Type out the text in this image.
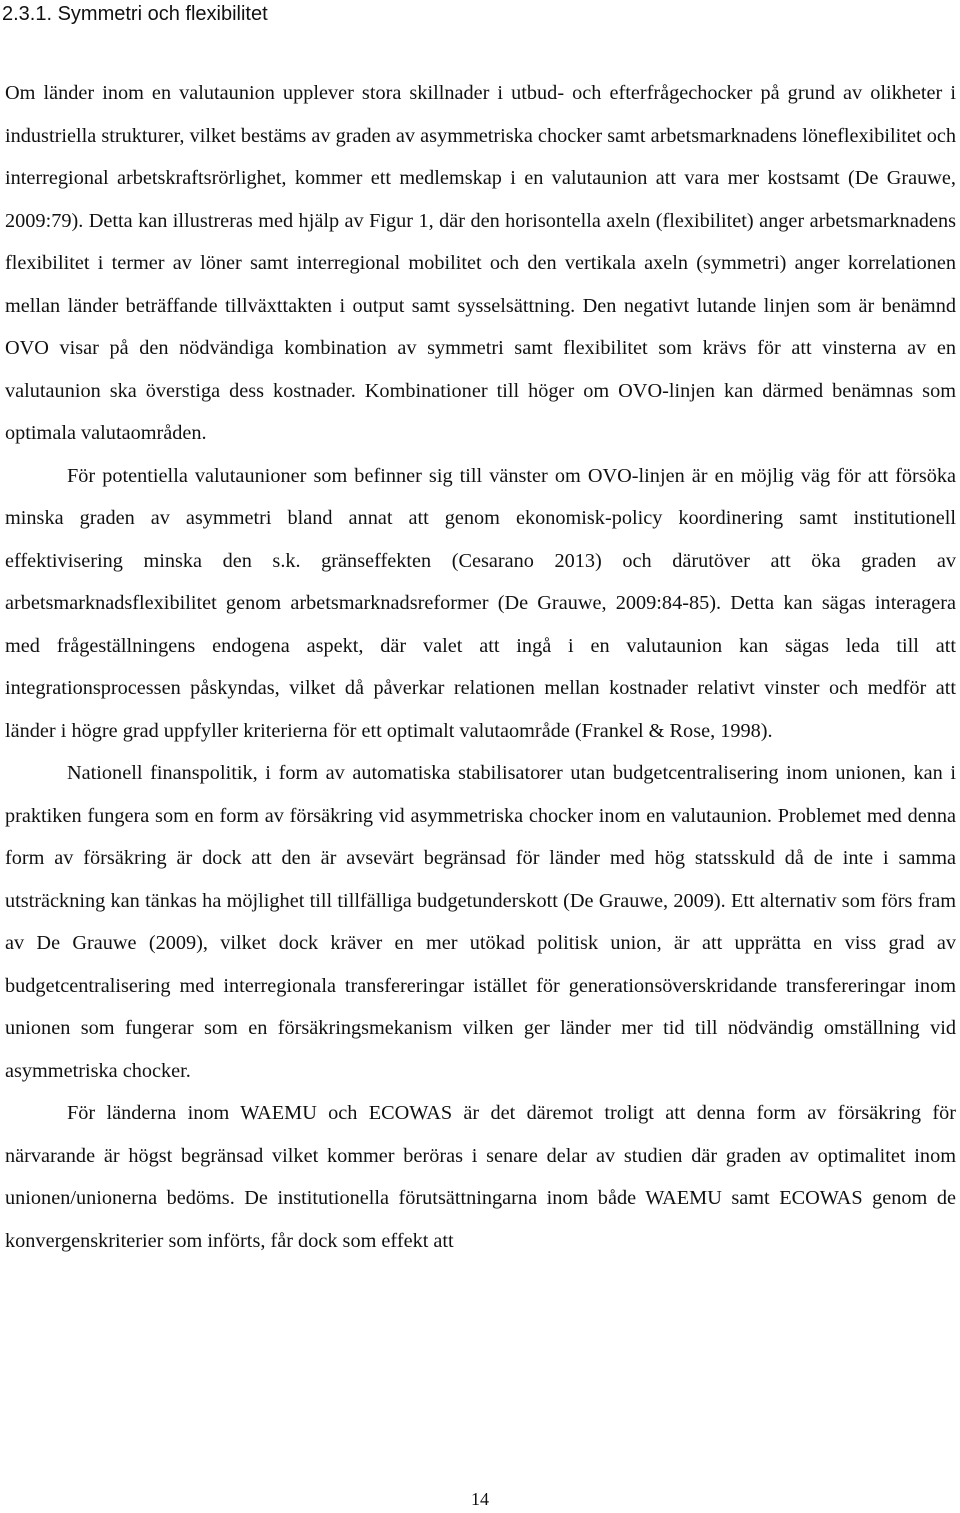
2.3.1. Symmetri och flexibilitet

Om länder inom en valutaunion upplever stora skillnader i utbud- och efterfrågechocker på grund av olikheter i industriella strukturer, vilket bestäms av graden av asymmetriska chocker samt arbetsmarknadens löneflexibilitet och interregional arbetskraftsrörlighet, kommer ett medlemskap i en valutaunion att vara mer kostsamt (De Grauwe, 2009:79). Detta kan illustreras med hjälp av Figur 1, där den horisontella axeln (flexibilitet) anger arbetsmarknadens flexibilitet i termer av löner samt interregional mobilitet och den vertikala axeln (symmetri) anger korrelationen mellan länder beträffande tillväxttakten i output samt sysselsättning. Den negativt lutande linjen som är benämnd OVO visar på den nödvändiga kombination av symmetri samt flexibilitet som krävs för att vinsterna av en valutaunion ska överstiga dess kostnader. Kombinationer till höger om OVO-linjen kan därmed benämnas som optimala valutaområden.

För potentiella valutaunioner som befinner sig till vänster om OVO-linjen är en möjlig väg för att försöka minska graden av asymmetri bland annat att genom ekonomisk-policy koordinering samt institutionell effektivisering minska den s.k. gränseffekten (Cesarano 2013) och därutöver att öka graden av arbetsmarknadsflexibilitet genom arbetsmarknadsreformer (De Grauwe, 2009:84-85). Detta kan sägas interagera med frågeställningens endogena aspekt, där valet att ingå i en valutaunion kan sägas leda till att integrationsprocessen påskyndas, vilket då påverkar relationen mellan kostnader relativt vinster och medför att länder i högre grad uppfyller kriterierna för ett optimalt valutaområde (Frankel & Rose, 1998).

Nationell finanspolitik, i form av automatiska stabilisatorer utan budgetcentralisering inom unionen, kan i praktiken fungera som en form av försäkring vid asymmetriska chocker inom en valutaunion. Problemet med denna form av försäkring är dock att den är avsevärt begränsad för länder med hög statsskuld då de inte i samma utsträckning kan tänkas ha möjlighet till tillfälliga budgetunderskott (De Grauwe, 2009). Ett alternativ som förs fram av De Grauwe (2009), vilket dock kräver en mer utökad politisk union, är att upprätta en viss grad av budgetcentralisering med interregionala transfereringar istället för generationsöverskridande transfereringar inom unionen som fungerar som en försäkringsmekanism vilken ger länder mer tid till nödvändig omställning vid asymmetriska chocker.

För länderna inom WAEMU och ECOWAS är det däremot troligt att denna form av försäkring för närvarande är högst begränsad vilket kommer beröras i senare delar av studien där graden av optimalitet inom unionen/unionerna bedöms. De institutionella förutsättningarna inom både WAEMU samt ECOWAS genom de konvergenskriterier som införts, får dock som effekt att

14
